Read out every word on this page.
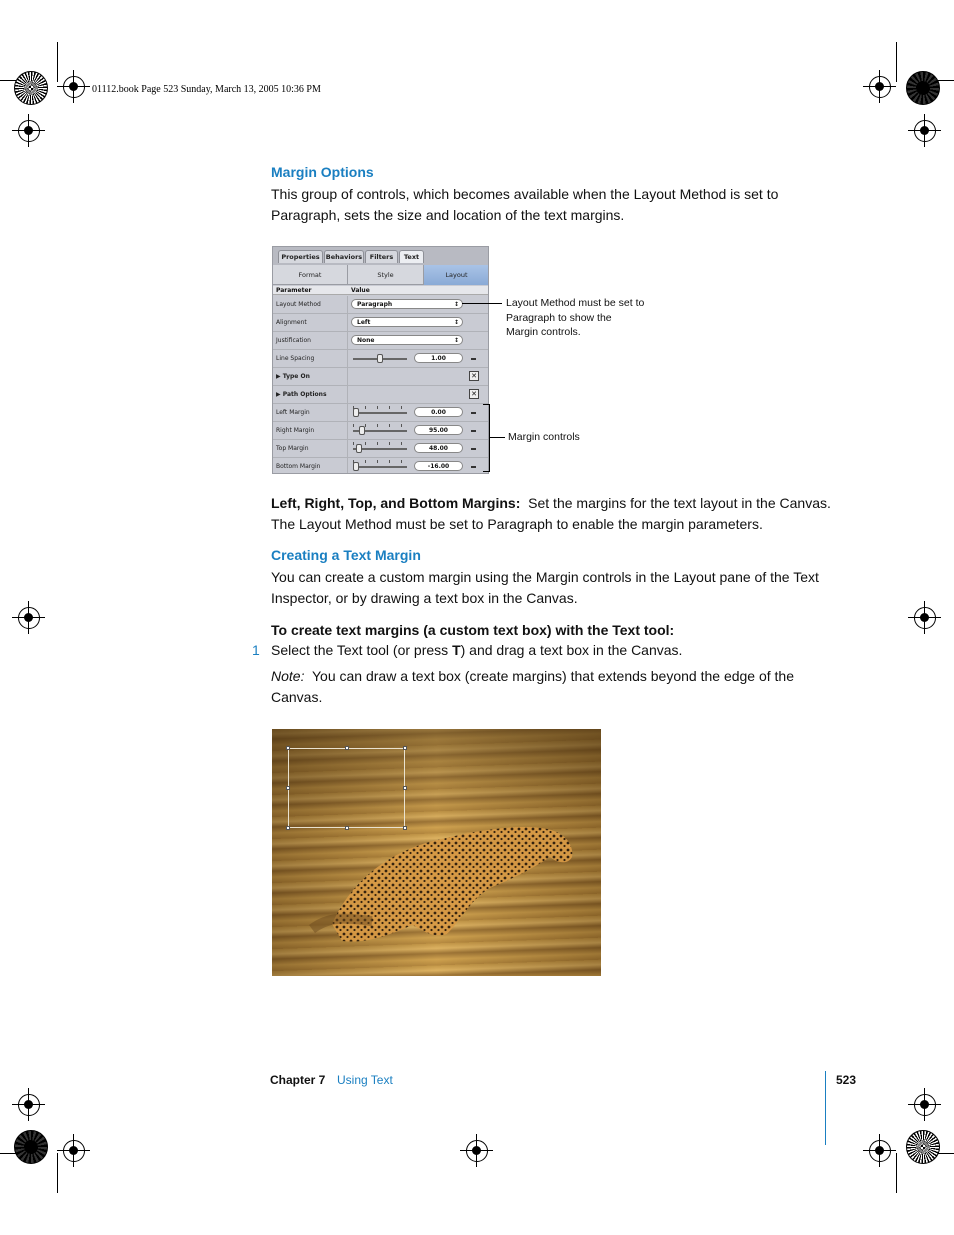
01112.book Page 523 Sunday, March 13, 2005 10:36 PM
Margin Options
This group of controls, which becomes available when the Layout Method is set to Paragraph, sets the size and location of the text margins.
Properties Behaviors	Filters	Text
Format	Style	Layout
Parameter	Value
Layout Method	Paragraph ↕
Alignment	Left ↕
Justification	None ↕
Line Spacing	1.00
▶ Type On	✕
▶ Path Options	✕
Left Margin	0.00
Right Margin	95.00
Top Margin	48.00
Bottom Margin	-16.00
Layout Method must be set to Paragraph to show the Margin controls.
Margin controls
Left, Right, Top, and Bottom Margins: Set the margins for the text layout in the Canvas. The Layout Method must be set to Paragraph to enable the margin parameters.
Creating a Text Margin
You can create a custom margin using the Margin controls in the Layout pane of the Text Inspector, or by drawing a text box in the Canvas.
To create text margins (a custom text box) with the Text tool:
1 Select the Text tool (or press T) and drag a text box in the Canvas.
Note: You can draw a text box (create margins) that extends beyond the edge of the Canvas.
Chapter 7 Using Text	523
